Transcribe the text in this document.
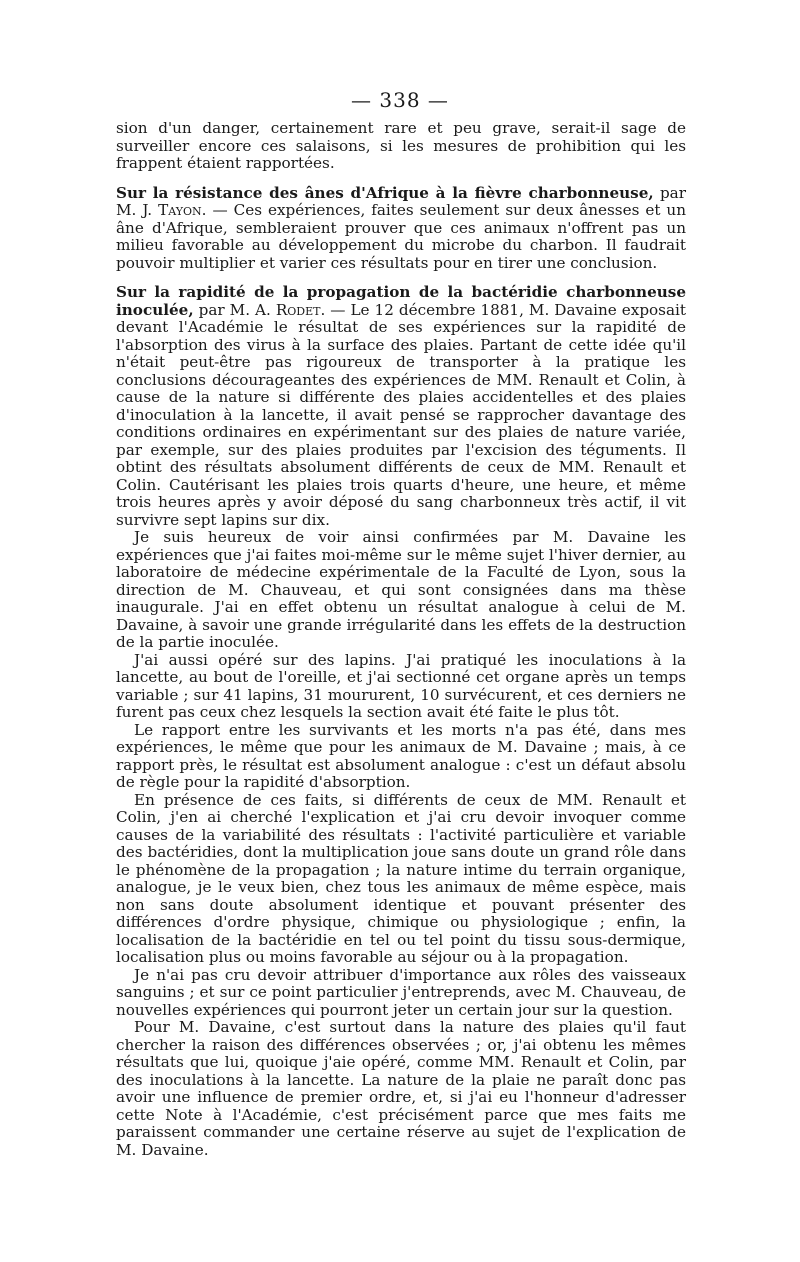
— 338 —

sion d'un danger, certainement rare et peu grave, serait-il sage de surveiller encore ces salaisons, si les mesures de prohibition qui les frappent étaient rapportées.

Sur la résistance des ânes d'Afrique à la fièvre charbonneuse, par M. J. Tayon. — Ces expériences, faites seulement sur deux ânesses et un âne d'Afrique, sembleraient prouver que ces animaux n'offrent pas un milieu favorable au développement du microbe du charbon. Il faudrait pouvoir multiplier et varier ces résultats pour en tirer une conclusion.

Sur la rapidité de la propagation de la bactéridie charbonneuse inoculée, par M. A. Rodet. — Le 12 décembre 1881, M. Davaine exposait devant l'Académie le résultat de ses expériences sur la rapidité de l'absorption des virus à la surface des plaies. Partant de cette idée qu'il n'était peut-être pas rigoureux de transporter à la pratique les conclusions décourageantes des expériences de MM. Renault et Colin, à cause de la nature si différente des plaies accidentelles et des plaies d'inoculation à la lancette, il avait pensé se rapprocher davantage des conditions ordinaires en expérimentant sur des plaies de nature variée, par exemple, sur des plaies produites par l'excision des téguments. Il obtint des résultats absolument différents de ceux de MM. Renault et Colin. Cautérisant les plaies trois quarts d'heure, une heure, et même trois heures après y avoir déposé du sang charbonneux très actif, il vit survivre sept lapins sur dix.

Je suis heureux de voir ainsi confirmées par M. Davaine les expériences que j'ai faites moi-même sur le même sujet l'hiver dernier, au laboratoire de médecine expérimentale de la Faculté de Lyon, sous la direction de M. Chauveau, et qui sont consignées dans ma thèse inaugurale. J'ai en effet obtenu un résultat analogue à celui de M. Davaine, à savoir une grande irrégularité dans les effets de la destruction de la partie inoculée.

J'ai aussi opéré sur des lapins. J'ai pratiqué les inoculations à la lancette, au bout de l'oreille, et j'ai sectionné cet organe après un temps variable ; sur 41 lapins, 31 moururent, 10 survécurent, et ces derniers ne furent pas ceux chez lesquels la section avait été faite le plus tôt.

Le rapport entre les survivants et les morts n'a pas été, dans mes expériences, le même que pour les animaux de M. Davaine ; mais, à ce rapport près, le résultat est absolument analogue : c'est un défaut absolu de règle pour la rapidité d'absorption.

En présence de ces faits, si différents de ceux de MM. Renault et Colin, j'en ai cherché l'explication et j'ai cru devoir invoquer comme causes de la variabilité des résultats : l'activité particulière et variable des bactéridies, dont la multiplication joue sans doute un grand rôle dans le phénomène de la propagation ; la nature intime du terrain organique, analogue, je le veux bien, chez tous les animaux de même espèce, mais non sans doute absolument identique et pouvant présenter des différences d'ordre physique, chimique ou physiologique ; enfin, la localisation de la bactéridie en tel ou tel point du tissu sous-dermique, localisation plus ou moins favorable au séjour ou à la propagation.

Je n'ai pas cru devoir attribuer d'importance aux rôles des vaisseaux sanguins ; et sur ce point particulier j'entreprends, avec M. Chauveau, de nouvelles expériences qui pourront jeter un certain jour sur la question.

Pour M. Davaine, c'est surtout dans la nature des plaies qu'il faut chercher la raison des différences observées ; or, j'ai obtenu les mêmes résultats que lui, quoique j'aie opéré, comme MM. Renault et Colin, par des inoculations à la lancette. La nature de la plaie ne paraît donc pas avoir une influence de premier ordre, et, si j'ai eu l'honneur d'adresser cette Note à l'Académie, c'est précisément parce que mes faits me paraissent commander une certaine réserve au sujet de l'explication de M. Davaine.
